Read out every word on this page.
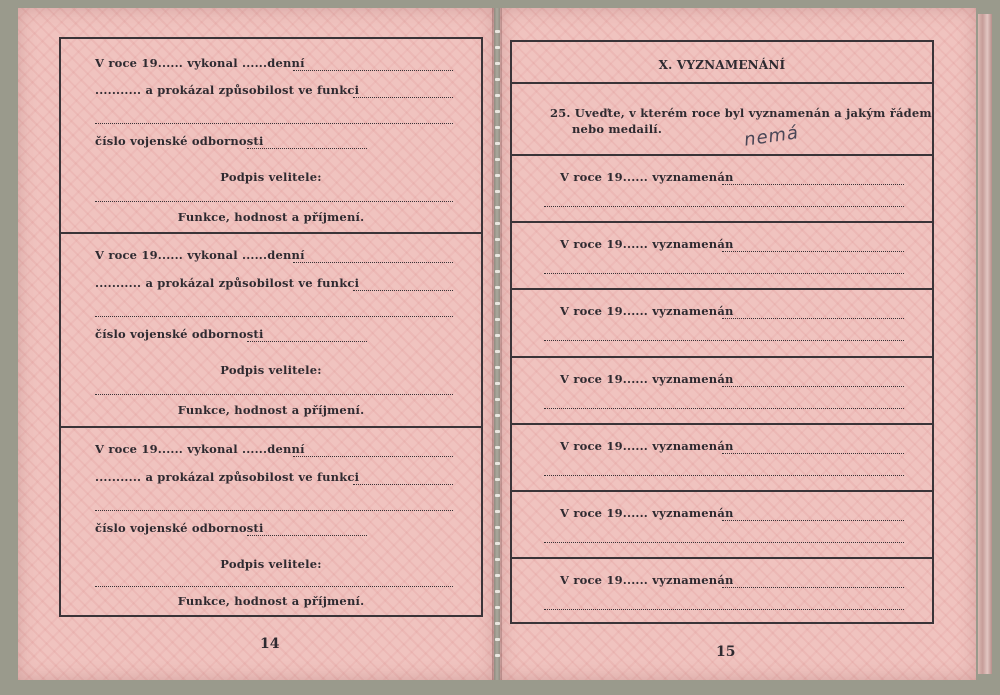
V roce 19...... vykonal ......denní
........... a prokázal způsobilost ve funkci
číslo vojenské odbornosti
Podpis velitele:
Funkce, hodnost a příjmení.
V roce 19...... vykonal ......denní
........... a prokázal způsobilost ve funkci
číslo vojenské odbornosti
Podpis velitele:
Funkce, hodnost a příjmení.
V roce 19...... vykonal ......denní
........... a prokázal způsobilost ve funkci
číslo vojenské odbornosti
Podpis velitele:
Funkce, hodnost a příjmení.
14
X. VYZNAMENÁNÍ
25. Uveďte, v kterém roce byl vyznamenán a jakým řádem
nebo medailí.	nemá
V roce 19...... vyznamenán
V roce 19...... vyznamenán
V roce 19...... vyznamenán
V roce 19...... vyznamenán
V roce 19...... vyznamenán
V roce 19...... vyznamenán
V roce 19...... vyznamenán
15
